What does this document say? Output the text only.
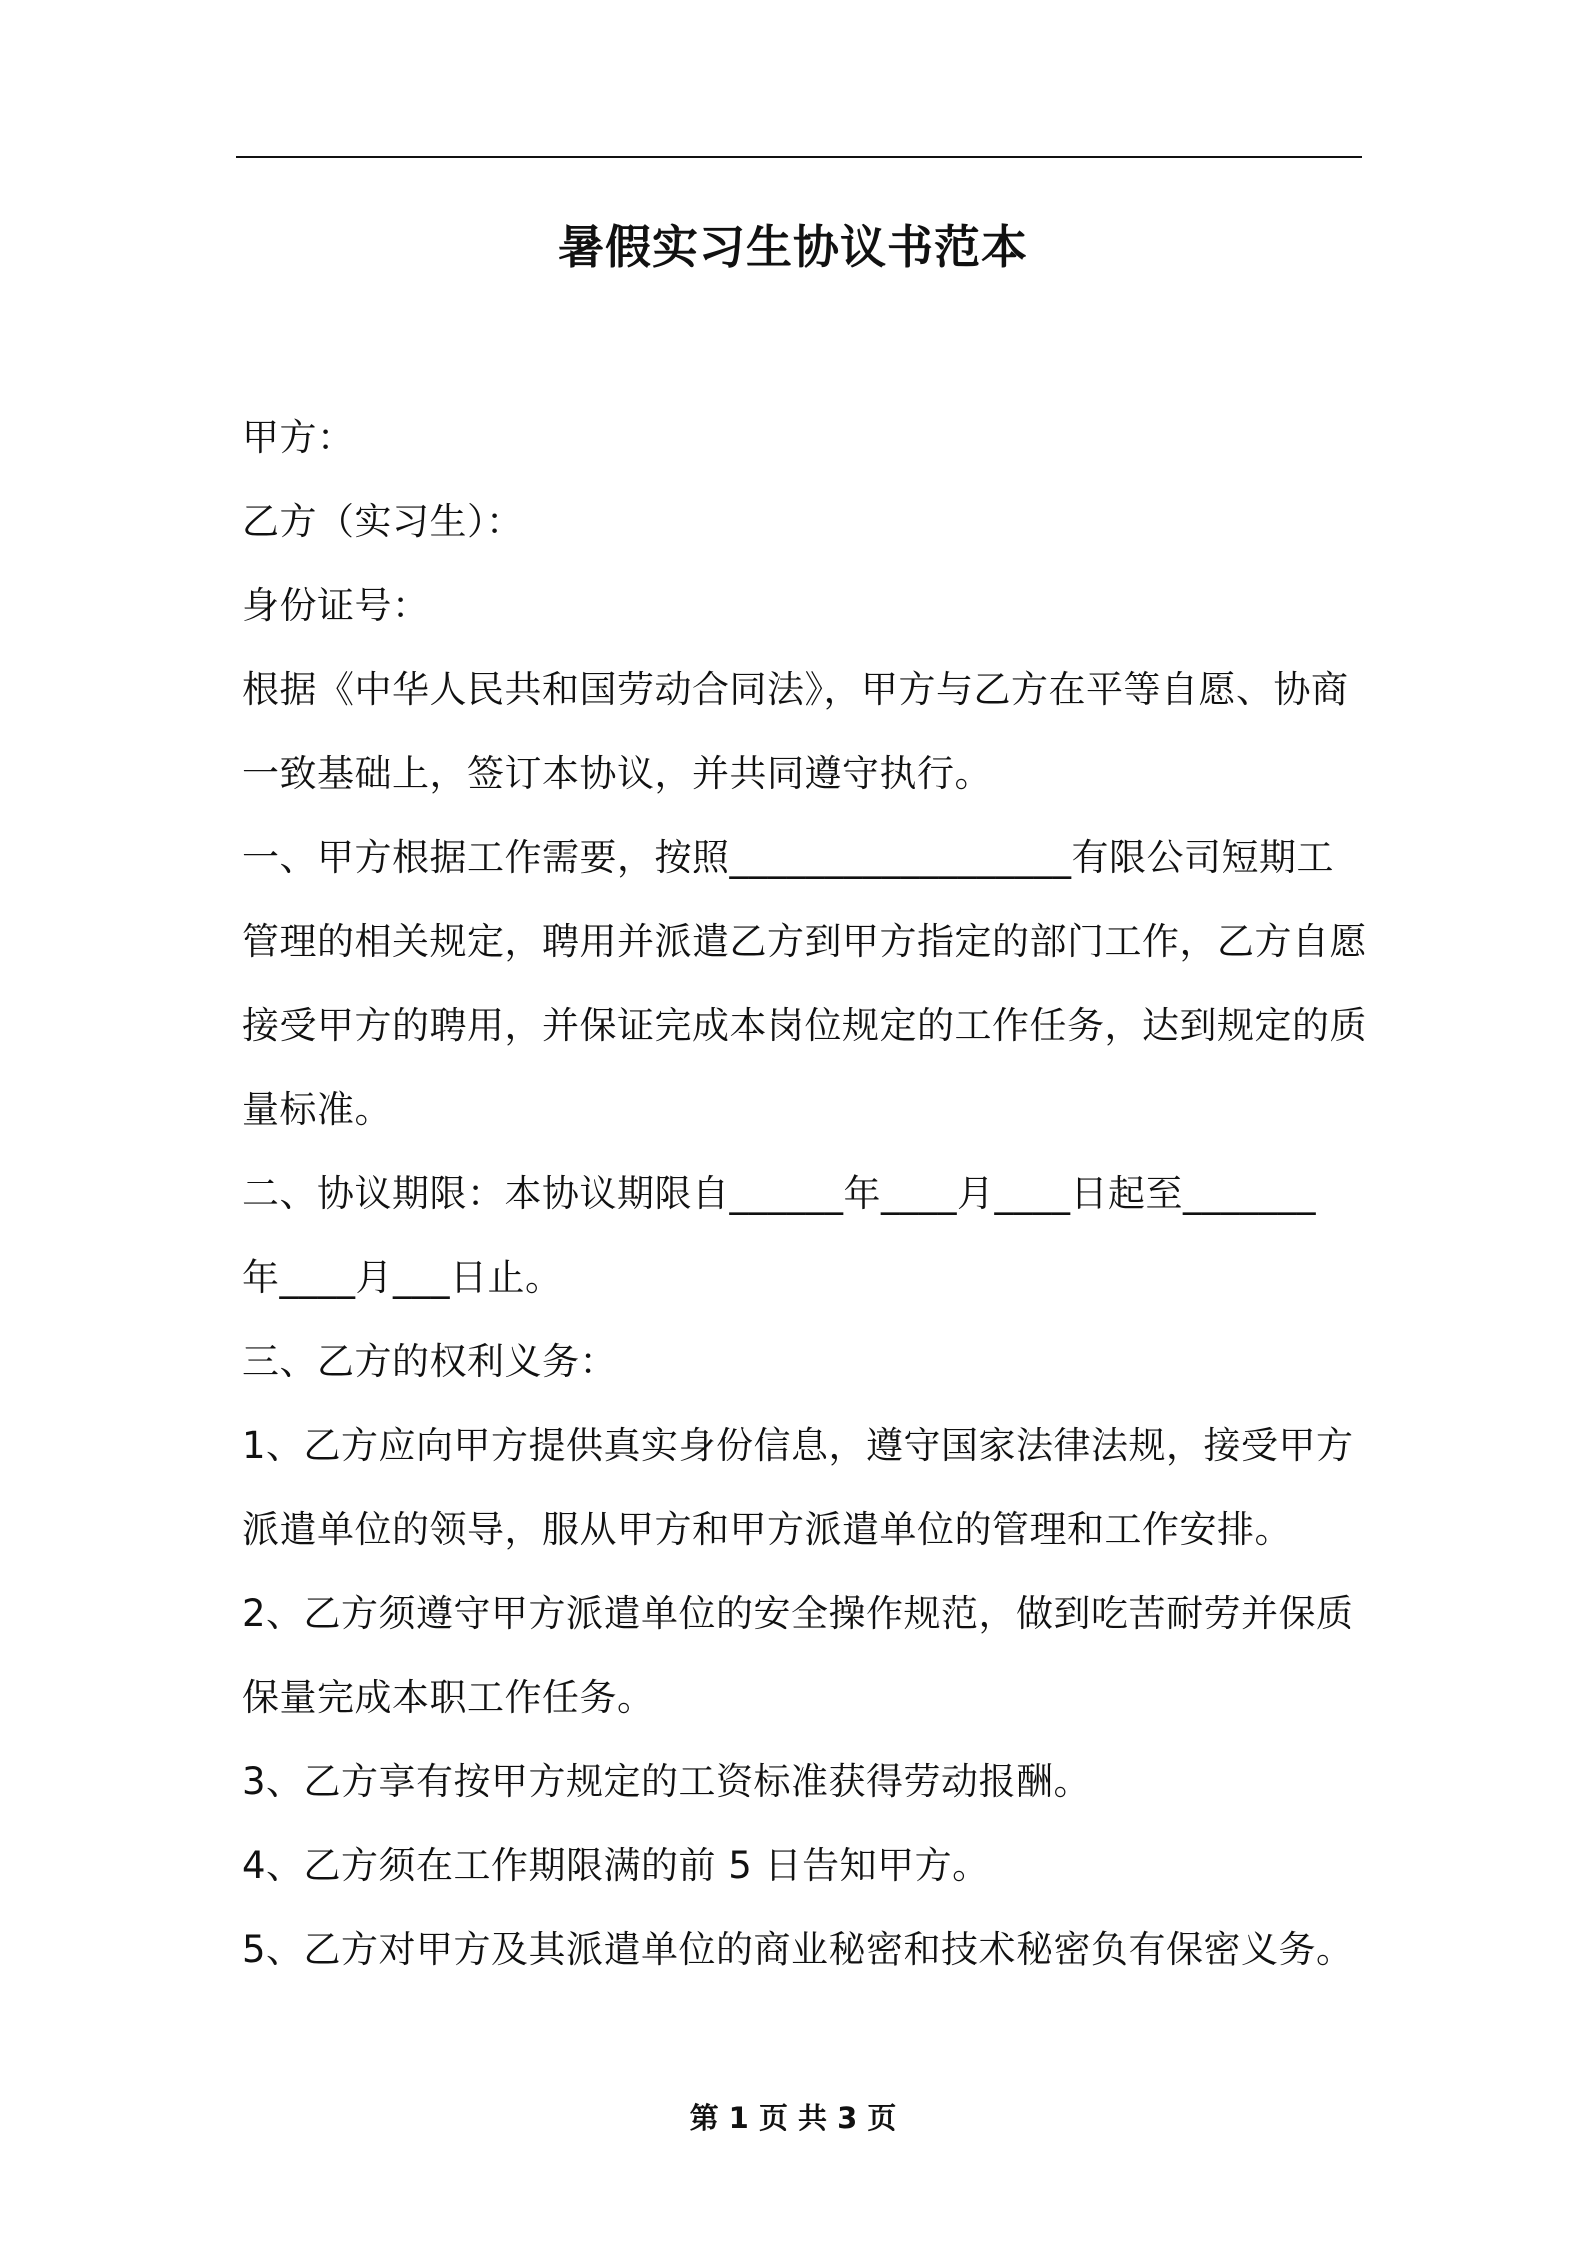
暑假实习生协议书范本
甲方：
乙方（实习生）：
身份证号：
根据《中华人民共和国劳动合同法》，甲方与乙方在平等自愿、协商
一致基础上，签订本协议，并共同遵守执行。
一、甲方根据工作需要，按照__________________有限公司短期工
管理的相关规定，聘用并派遣乙方到甲方指定的部门工作，乙方自愿
接受甲方的聘用，并保证完成本岗位规定的工作任务，达到规定的质
量标准。
二、协议期限：本协议期限自______年____月____日起至_______
年____月___日止。
三、乙方的权利义务：
1、乙方应向甲方提供真实身份信息，遵守国家法律法规，接受甲方
派遣单位的领导，服从甲方和甲方派遣单位的管理和工作安排。
2、乙方须遵守甲方派遣单位的安全操作规范，做到吃苦耐劳并保质
保量完成本职工作任务。
3、乙方享有按甲方规定的工资标准获得劳动报酬。
4、乙方须在工作期限满的前 5 日告知甲方。
5、乙方对甲方及其派遣单位的商业秘密和技术秘密负有保密义务。
第 1 页 共 3 页
